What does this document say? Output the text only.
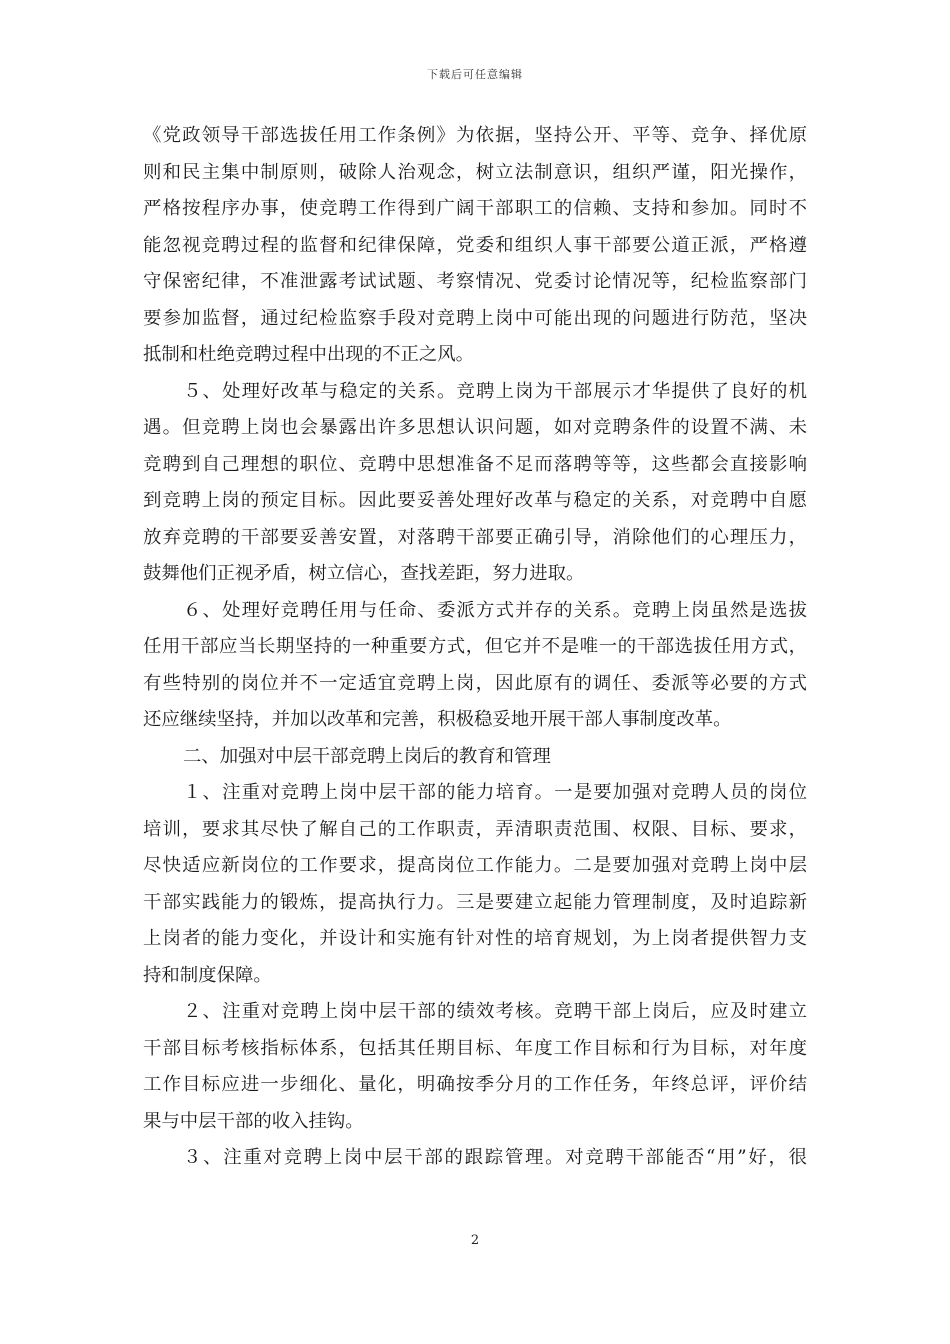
下载后可任意编辑
《党政领导干部选拔任用工作条例》为依据，坚持公开、平等、竞争、择优原
则和民主集中制原则，破除人治观念，树立法制意识，组织严谨，阳光操作，
严格按程序办事，使竞聘工作得到广阔干部职工的信赖、支持和参加。同时不
能忽视竞聘过程的监督和纪律保障，党委和组织人事干部要公道正派，严格遵
守保密纪律，不准泄露考试试题、考察情况、党委讨论情况等，纪检监察部门
要参加监督，通过纪检监察手段对竞聘上岗中可能出现的问题进行防范，坚决
抵制和杜绝竞聘过程中出现的不正之风。
５、处理好改革与稳定的关系。竞聘上岗为干部展示才华提供了良好的机
遇。但竞聘上岗也会暴露出许多思想认识问题，如对竞聘条件的设置不满、未
竞聘到自己理想的职位、竞聘中思想准备不足而落聘等等，这些都会直接影响
到竞聘上岗的预定目标。因此要妥善处理好改革与稳定的关系，对竞聘中自愿
放弃竞聘的干部要妥善安置，对落聘干部要正确引导，消除他们的心理压力，
鼓舞他们正视矛盾，树立信心，查找差距，努力进取。
６、处理好竞聘任用与任命、委派方式并存的关系。竞聘上岗虽然是选拔
任用干部应当长期坚持的一种重要方式，但它并不是唯一的干部选拔任用方式，
有些特别的岗位并不一定适宜竞聘上岗，因此原有的调任、委派等必要的方式
还应继续坚持，并加以改革和完善，积极稳妥地开展干部人事制度改革。
二、加强对中层干部竞聘上岗后的教育和管理
１、注重对竞聘上岗中层干部的能力培育。一是要加强对竞聘人员的岗位
培训，要求其尽快了解自己的工作职责，弄清职责范围、权限、目标、要求，
尽快适应新岗位的工作要求，提高岗位工作能力。二是要加强对竞聘上岗中层
干部实践能力的锻炼，提高执行力。三是要建立起能力管理制度，及时追踪新
上岗者的能力变化，并设计和实施有针对性的培育规划，为上岗者提供智力支
持和制度保障。
２、注重对竞聘上岗中层干部的绩效考核。竞聘干部上岗后，应及时建立
干部目标考核指标体系，包括其任期目标、年度工作目标和行为目标，对年度
工作目标应进一步细化、量化，明确按季分月的工作任务，年终总评，评价结
果与中层干部的收入挂钩。
３、注重对竞聘上岗中层干部的跟踪管理。对竞聘干部能否“用”好，很
2
